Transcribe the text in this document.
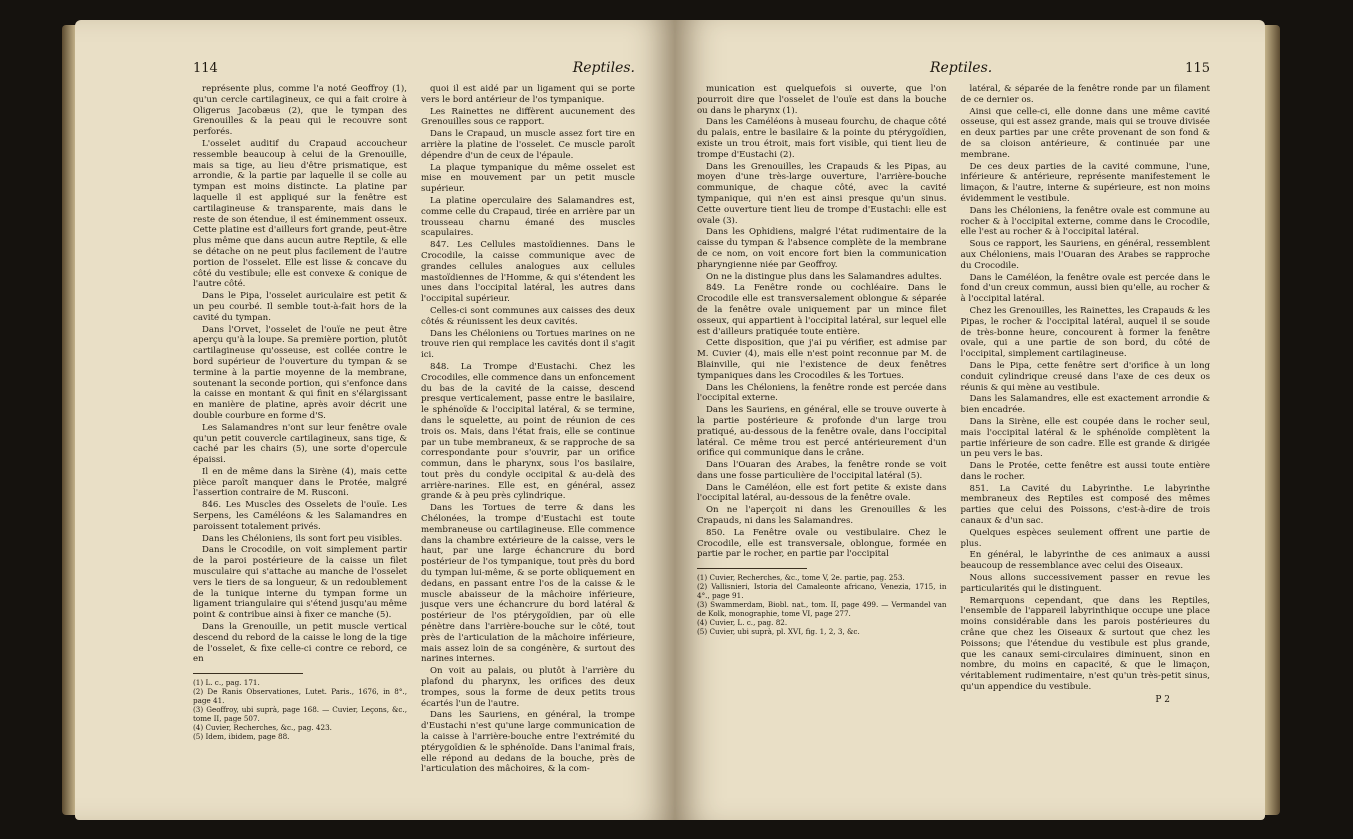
114	Reptiles.

représente plus, comme l'a noté Geoffroy (1), qu'un cercle cartilagineux, ce qui a fait croire à Oligerus Jacobæus (2), que le tympan des Grenouilles & la peau qui le recouvre sont perforés.

L'osselet auditif du Crapaud accoucheur ressemble beaucoup à celui de la Grenouille, mais sa tige, au lieu d'être prismatique, est arrondie, & la partie par laquelle il se colle au tympan est moins distincte. La platine par laquelle il est appliqué sur la fenêtre est cartilagineuse & transparente, mais dans le reste de son étendue, il est éminemment osseux. Cette platine est d'ailleurs fort grande, peut-être plus même que dans aucun autre Reptile, & elle se détache on ne peut plus facilement de l'autre portion de l'osselet. Elle est lisse & concave du côté du vestibule; elle est convexe & conique de l'autre côté.

Dans le Pipa, l'osselet auriculaire est petit & un peu courbé. Il semble tout-à-fait hors de la cavité du tympan.

Dans l'Orvet, l'osselet de l'ouïe ne peut être aperçu qu'à la loupe. Sa première portion, plutôt cartilagineuse qu'osseuse, est collée contre le bord supérieur de l'ouverture du tympan & se termine à la partie moyenne de la membrane, soutenant la seconde portion, qui s'enfonce dans la caisse en montant & qui finit en s'élargissant en manière de platine, après avoir décrit une double courbure en forme d'S.

Les Salamandres n'ont sur leur fenêtre ovale qu'un petit couvercle cartilagineux, sans tige, & caché par les chairs (5), une sorte d'opercule épaissi.

Il en de même dans la Sirène (4), mais cette pièce paroît manquer dans le Protée, malgré l'assertion contraire de M. Rusconi.

846. Les Muscles des Osselets de l'ouïe. Les Serpens, les Caméléons & les Salamandres en paroissent totalement privés.

Dans les Chéloniens, ils sont fort peu visibles.

Dans le Crocodile, on voit simplement partir de la paroi postérieure de la caisse un filet musculaire qui s'attache au manche de l'osselet vers le tiers de sa longueur, & un redoublement de la tunique interne du tympan forme un ligament triangulaire qui s'étend jusqu'au même point & contribue ainsi à fixer ce manche (5).

Dans la Grenouille, un petit muscle vertical descend du rebord de la caisse le long de la tige de l'osselet, & fixe celle-ci contre ce rebord, ce en

(1) L. c., pag. 171.
(2) De Ranis Observationes, Lutet. Paris., 1676, in 8°., page 41.
(3) Geoffroy, ubi suprà, page 168. — Cuvier, Leçons, &c., tome II, page 507.
(4) Cuvier, Recherches, &c., pag. 423.
(5) Idem, ibidem, page 88.

quoi il est aidé par un ligament qui se porte vers le bord antérieur de l'os tympanique.

Les Rainettes ne diffèrent aucunement des Grenouilles sous ce rapport.

Dans le Crapaud, un muscle assez fort tire en arrière la platine de l'osselet. Ce muscle paroît dépendre d'un de ceux de l'épaule.

La plaque tympanique du même osselet est mise en mouvement par un petit muscle supérieur.

La platine operculaire des Salamandres est, comme celle du Crapaud, tirée en arrière par un trousseau charnu émané des muscles scapulaires.

847. Les Cellules mastoïdiennes. Dans le Crocodile, la caisse communique avec de grandes cellules analogues aux cellules mastoïdiennes de l'Homme, & qui s'étendent les unes dans l'occipital latéral, les autres dans l'occipital supérieur.

Celles-ci sont communes aux caisses des deux côtés & réunissent les deux cavités.

Dans les Chéloniens ou Tortues marines on ne trouve rien qui remplace les cavités dont il s'agit ici.

848. La Trompe d'Eustachi. Chez les Crocodiles, elle commence dans un enfoncement du bas de la cavité de la caisse, descend presque verticalement, passe entre le basilaire, le sphénoïde & l'occipital latéral, & se termine, dans le squelette, au point de réunion de ces trois os. Mais, dans l'état frais, elle se continue par un tube membraneux, & se rapproche de sa correspondante pour s'ouvrir, par un orifice commun, dans le pharynx, sous l'os basilaire, tout près du condyle occipital & au-delà des arrière-narines. Elle est, en général, assez grande & à peu près cylindrique.

Dans les Tortues de terre & dans les Chélonées, la trompe d'Eustachi est toute membraneuse ou cartilagineuse. Elle commence dans la chambre extérieure de la caisse, vers le haut, par une large échancrure du bord postérieur de l'os tympanique, tout près du bord du tympan lui-même, & se porte obliquement en dedans, en passant entre l'os de la caisse & le muscle abaisseur de la mâchoire inférieure, jusque vers une échancrure du bord latéral & postérieur de l'os ptérygoïdien, par où elle pénètre dans l'arrière-bouche sur le côté, tout près de l'articulation de la mâchoire inférieure, mais assez loin de sa congénère, & surtout des narines internes.

On voit au palais, ou plutôt à l'arrière du plafond du pharynx, les orifices des deux trompes, sous la forme de deux petits trous écartés l'un de l'autre.

Dans les Sauriens, en général, la trompe d'Eustachi n'est qu'une large communication de la caisse à l'arrière-bouche entre l'extrémité du ptérygoïdien & le sphénoïde. Dans l'animal frais, elle répond au dedans de la bouche, près de l'articulation des mâchoires, & la com-

Reptiles.	115

munication est quelquefois si ouverte, que l'on pourroit dire que l'osselet de l'ouïe est dans la bouche ou dans le pharynx (1).

Dans les Caméléons à museau fourchu, de chaque côté du palais, entre le basilaire & la pointe du ptérygoïdien, existe un trou étroit, mais fort visible, qui tient lieu de trompe d'Eustachi (2).

Dans les Grenouilles, les Crapauds & les Pipas, au moyen d'une très-large ouverture, l'arrière-bouche communique, de chaque côté, avec la cavité tympanique, qui n'en est ainsi presque qu'un sinus. Cette ouverture tient lieu de trompe d'Eustachi: elle est ovale (3).

Dans les Ophidiens, malgré l'état rudimentaire de la caisse du tympan & l'absence complète de la membrane de ce nom, on voit encore fort bien la communication pharyngienne niée par Geoffroy.

On ne la distingue plus dans les Salamandres adultes.

849. La Fenêtre ronde ou cochléaire. Dans le Crocodile elle est transversalement oblongue & séparée de la fenêtre ovale uniquement par un mince filet osseux, qui appartient à l'occipital latéral, sur lequel elle est d'ailleurs pratiquée toute entière.

Cette disposition, que j'ai pu vérifier, est admise par M. Cuvier (4), mais elle n'est point reconnue par M. de Blainville, qui nie l'existence de deux fenêtres tympaniques dans les Crocodiles & les Tortues.

Dans les Chéloniens, la fenêtre ronde est percée dans l'occipital externe.

Dans les Sauriens, en général, elle se trouve ouverte à la partie postérieure & profonde d'un large trou pratiqué, au-dessous de la fenêtre ovale, dans l'occipital latéral. Ce même trou est percé antérieurement d'un orifice qui communique dans le crâne.

Dans l'Ouaran des Arabes, la fenêtre ronde se voit dans une fosse particulière de l'occipital latéral (5).

Dans le Caméléon, elle est fort petite & existe dans l'occipital latéral, au-dessous de la fenêtre ovale.

On ne l'aperçoit ni dans les Grenouilles & les Crapauds, ni dans les Salamandres.

850. La Fenêtre ovale ou vestibulaire. Chez le Crocodile, elle est transversale, oblongue, formée en partie par le rocher, en partie par l'occipital

(1) Cuvier, Recherches, &c., tome V, 2e. partie, pag. 253.
(2) Vallisnieri, Istoria del Camaleonte africano, Venezia, 1715, in 4°., page 91.
(3) Swammerdam, Biobl. nat., tom. II, page 499. — Vermandel van de Kolk, monographie, tome VI, page 277.
(4) Cuvier, L. c., pag. 82.
(5) Cuvier, ubi suprà, pl. XVI, fig. 1, 2, 3, &c.

latéral, & séparée de la fenêtre ronde par un filament de ce dernier os.

Ainsi que celle-ci, elle donne dans une même cavité osseuse, qui est assez grande, mais qui se trouve divisée en deux parties par une crête provenant de son fond & de sa cloison antérieure, & continuée par une membrane.

De ces deux parties de la cavité commune, l'une, inférieure & antérieure, représente manifestement le limaçon, & l'autre, interne & supérieure, est non moins évidemment le vestibule.

Dans les Chéloniens, la fenêtre ovale est commune au rocher & à l'occipital externe, comme dans le Crocodile, elle l'est au rocher & à l'occipital latéral.

Sous ce rapport, les Sauriens, en général, ressemblent aux Chéloniens, mais l'Ouaran des Arabes se rapproche du Crocodile.

Dans le Caméléon, la fenêtre ovale est percée dans le fond d'un creux commun, aussi bien qu'elle, au rocher & à l'occipital latéral.

Chez les Grenouilles, les Rainettes, les Crapauds & les Pipas, le rocher & l'occipital latéral, auquel il se soude de très-bonne heure, concourent à former la fenêtre ovale, qui a une partie de son bord, du côté de l'occipital, simplement cartilagineuse.

Dans le Pipa, cette fenêtre sert d'orifice à un long conduit cylindrique creusé dans l'axe de ces deux os réunis & qui mène au vestibule.

Dans les Salamandres, elle est exactement arrondie & bien encadrée.

Dans la Sirène, elle est coupée dans le rocher seul, mais l'occipital latéral & le sphénoïde complètent la partie inférieure de son cadre. Elle est grande & dirigée un peu vers le bas.

Dans le Protée, cette fenêtre est aussi toute entière dans le rocher.

851. La Cavité du Labyrinthe. Le labyrinthe membraneux des Reptiles est composé des mêmes parties que celui des Poissons, c'est-à-dire de trois canaux & d'un sac.

Quelques espèces seulement offrent une partie de plus.

En général, le labyrinthe de ces animaux a aussi beaucoup de ressemblance avec celui des Oiseaux.

Nous allons successivement passer en revue les particularités qui le distinguent.

Remarquons cependant, que dans les Reptiles, l'ensemble de l'appareil labyrinthique occupe une place moins considérable dans les parois postérieures du crâne que chez les Oiseaux & surtout que chez les Poissons; que l'étendue du vestibule est plus grande, que les canaux semi-circulaires diminuent, sinon en nombre, du moins en capacité, & que le limaçon, véritablement rudimentaire, n'est qu'un très-petit sinus, qu'un appendice du vestibule.

P 2
